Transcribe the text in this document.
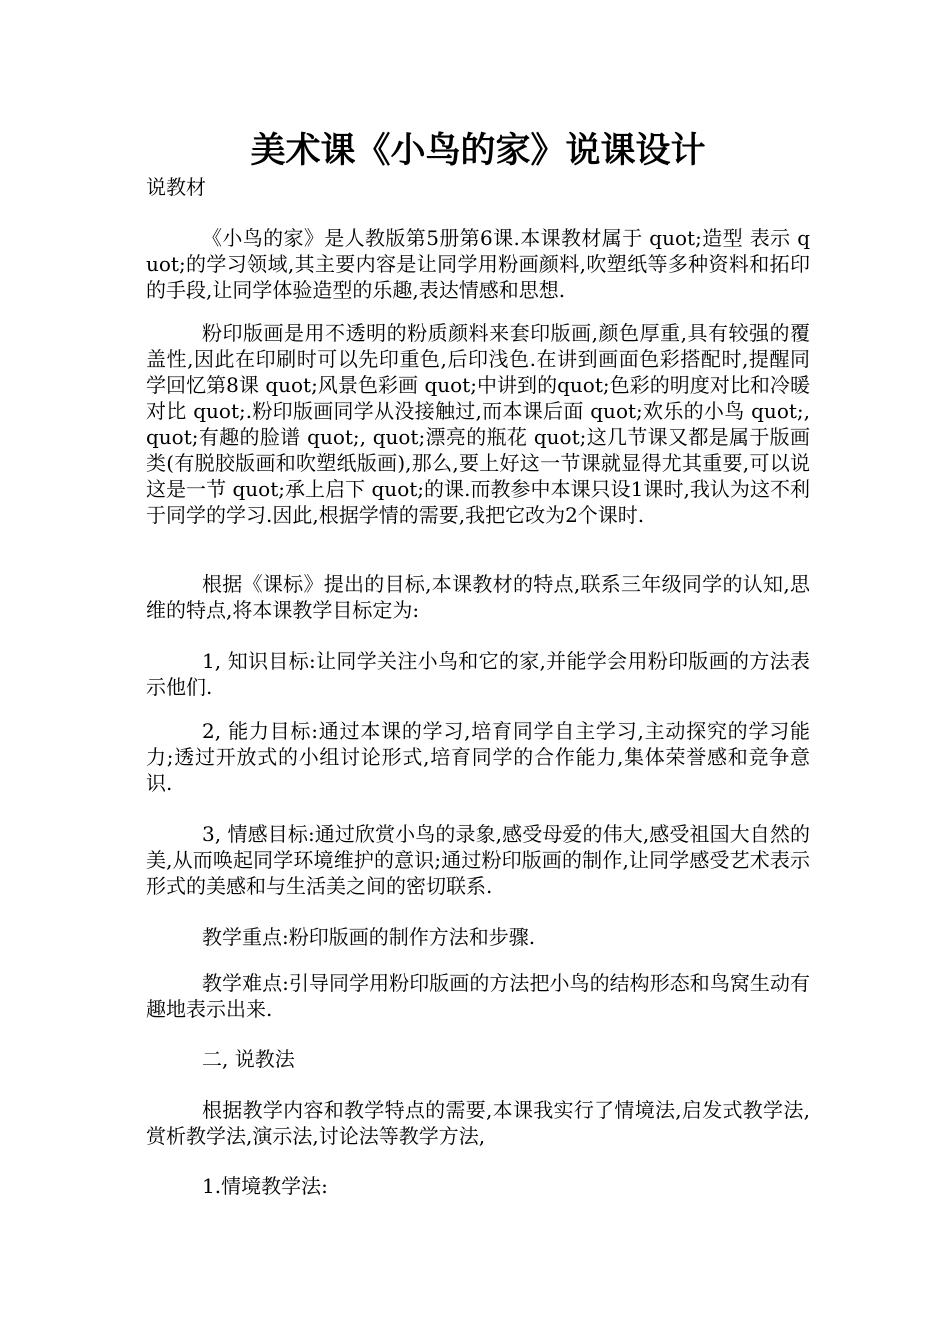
美术课《小鸟的家》说课设计

说教材

《小鸟的家》是人教版第5册第6课.本课教材属于 quot;造型 表示 quot;的学习领域,其主要内容是让同学用粉画颜料,吹塑纸等多种资料和拓印的手段,让同学体验造型的乐趣,表达情感和思想.

粉印版画是用不透明的粉质颜料来套印版画,颜色厚重,具有较强的覆盖性,因此在印刷时可以先印重色,后印浅色.在讲到画面色彩搭配时,提醒同学回忆第8课 quot;风景色彩画 quot;中讲到的quot;色彩的明度对比和冷暖对比 quot;.粉印版画同学从没接触过,而本课后面 quot;欢乐的小鸟 quot;, quot;有趣的脸谱 quot;, quot;漂亮的瓶花 quot;这几节课又都是属于版画类(有脱胶版画和吹塑纸版画),那么,要上好这一节课就显得尤其重要,可以说这是一节 quot;承上启下 quot;的课.而教参中本课只设1课时,我认为这不利于同学的学习.因此,根据学情的需要,我把它改为2个课时.

根据《课标》提出的目标,本课教材的特点,联系三年级同学的认知,思维的特点,将本课教学目标定为:

1, 知识目标:让同学关注小鸟和它的家,并能学会用粉印版画的方法表示他们.

2, 能力目标:通过本课的学习,培育同学自主学习,主动探究的学习能力;透过开放式的小组讨论形式,培育同学的合作能力,集体荣誉感和竞争意识.

3, 情感目标:通过欣赏小鸟的录象,感受母爱的伟大,感受祖国大自然的美,从而唤起同学环境维护的意识;通过粉印版画的制作,让同学感受艺术表示形式的美感和与生活美之间的密切联系.

教学重点:粉印版画的制作方法和步骤.

教学难点:引导同学用粉印版画的方法把小鸟的结构形态和鸟窝生动有趣地表示出来.

二, 说教法

根据教学内容和教学特点的需要,本课我实行了情境法,启发式教学法,赏析教学法,演示法,讨论法等教学方法,

1.情境教学法:
